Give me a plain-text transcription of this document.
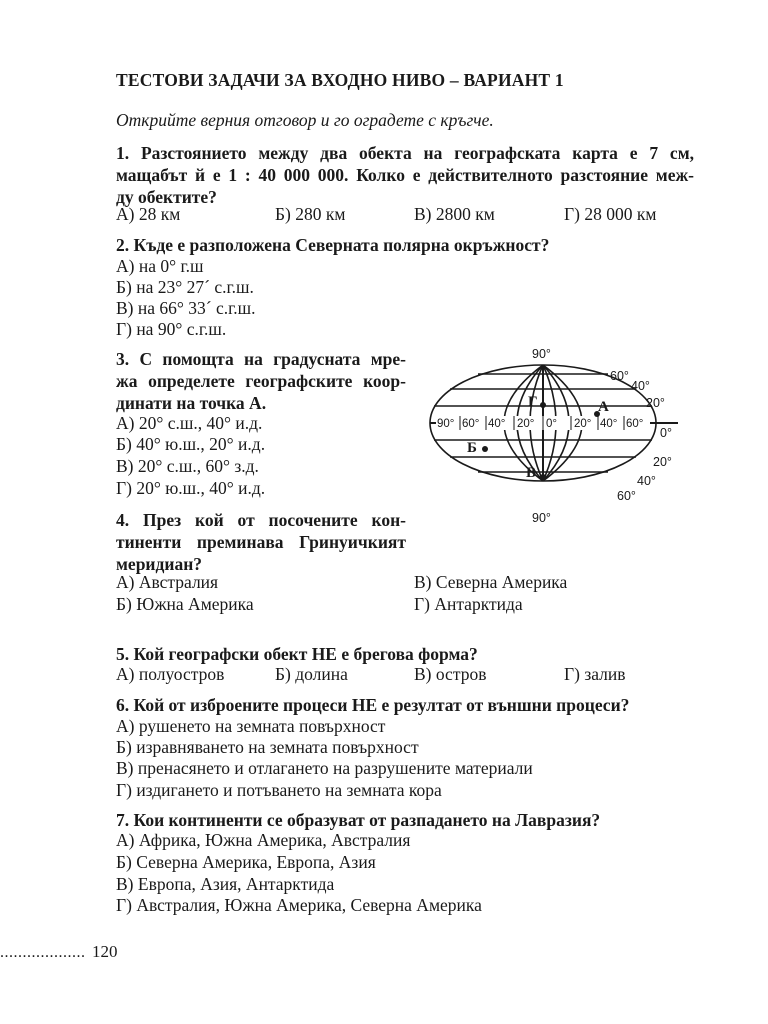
ТЕСТОВИ ЗАДАЧИ ЗА ВХОДНО НИВО – ВАРИАНТ 1
Открийте верния отговор и го оградете с кръгче.
1. Разстоянието между два обекта на географската карта е 7 см,
мащабът й е 1 : 40 000 000. Колко е действителното разстояние меж-
ду обектите?
А) 28 км	Б) 280 км	В) 2800 км	Г) 28 000 км
2. Къде е разположена Северната полярна окръжност?
А) на 0° г.ш
Б) на 23° 27´ с.г.ш.
В) на 66° 33´ с.г.ш.
Г) на 90° с.г.ш.
3. С помощта на градусната мре-
жа определете географските коор-
динати на точка А.
А) 20° с.ш., 40° и.д.
Б) 40° ю.ш., 20° и.д.
В) 20° с.ш., 60° з.д.
Г) 20° ю.ш., 40° и.д.
90° 60° 40° 20° 0° 20° 40° 60°
90°
90°
0°
60°
40°
20°
20°
40°
60°
Г	А
Б
В
4. През кой от посочените кон-
тиненти преминава Гринуичкият
меридиан?
А) Австралия
Б) Южна Америка
В) Северна Америка
Г) Антарктида
5. Кой географски обект НЕ е брегова форма?
А) полуостров	Б) долина	В) остров	Г) залив
6. Кой от изброените процеси НЕ е резултат от външни процеси?
А) рушенето на земната повърхност
Б) изравняването на земната повърхност
В) пренасянето и отлагането на разрушените материали
Г) издигането и потъването на земната кора
7. Кои континенти се образуват от разпадането на Лавразия?
А) Африка, Южна Америка, Австралия
Б) Северна Америка, Европа, Азия
В) Европа, Азия, Антарктида
Г) Австралия, Южна Америка, Северна Америка
................... 120
